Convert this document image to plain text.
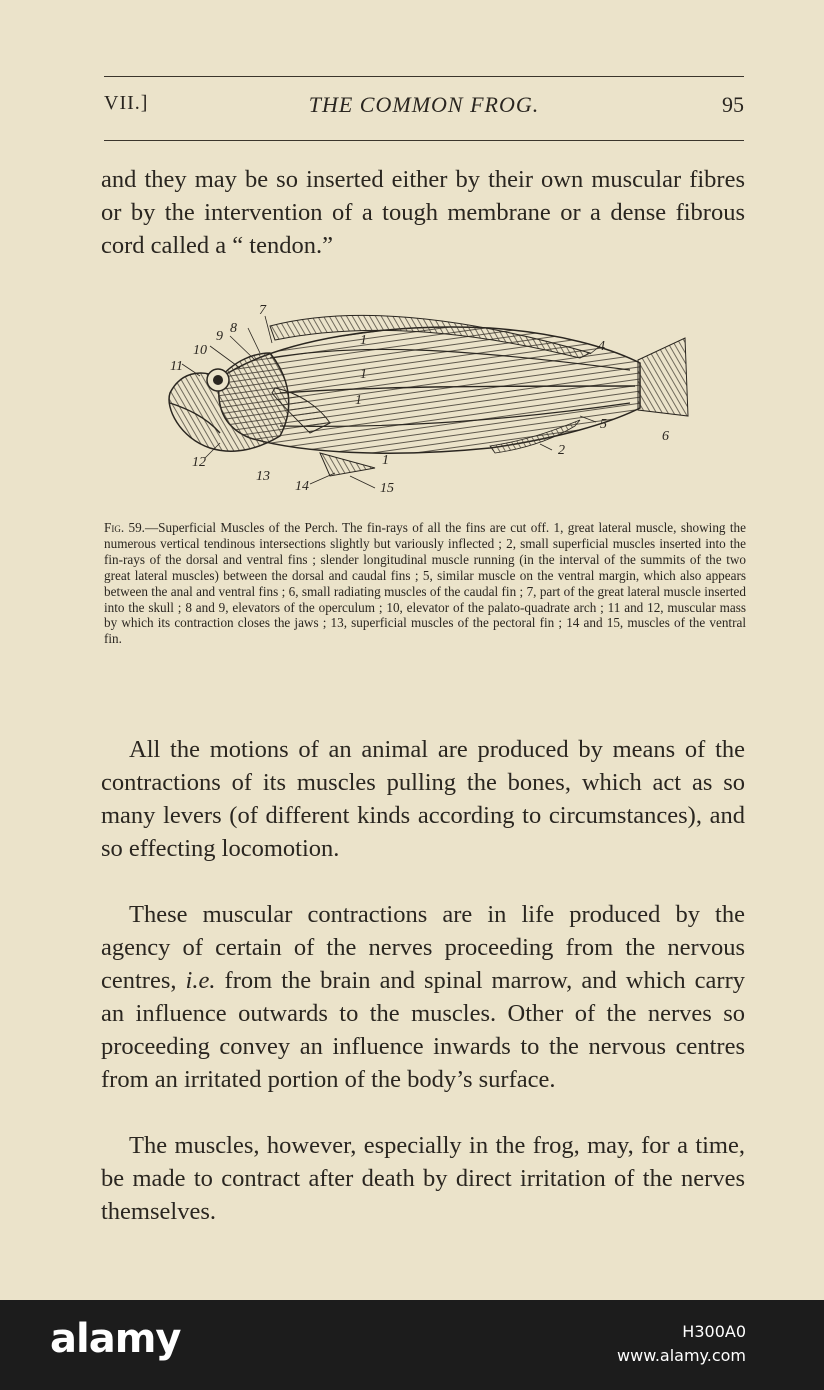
VII.]	THE COMMON FROG.	95

and they may be so inserted either by their own muscular fibres or by the intervention of a tough membrane or a dense fibrous cord called a “ tendon.”

1
1
1
1
2
4
5
6
7
8
9
10
11
12
13
14	15

Fig. 59.—Superficial Muscles of the Perch. The fin-rays of all the fins are cut off. 1, great lateral muscle, showing the numerous vertical tendinous intersections slightly but variously inflected ; 2, small superficial muscles inserted into the fin-rays of the dorsal and ventral fins ; slender longitudinal muscle running (in the interval of the summits of the two great lateral muscles) between the dorsal and caudal fins ; 5, similar muscle on the ventral margin, which also appears between the anal and ventral fins ; 6, small radiating muscles of the caudal fin ; 7, part of the great lateral muscle inserted into the skull ; 8 and 9, elevators of the operculum ; 10, elevator of the palato-quadrate arch ; 11 and 12, muscular mass by which its contraction closes the jaws ; 13, superficial muscles of the pectoral fin ; 14 and 15, muscles of the ventral fin.

All the motions of an animal are produced by means of the contractions of its muscles pulling the bones, which act as so many levers (of different kinds according to circumstances), and so effecting locomotion.

These muscular contractions are in life produced by the agency of certain of the nerves proceeding from the nervous centres, i.e. from the brain and spinal marrow, and which carry an influence outwards to the muscles. Other of the nerves so proceeding convey an influence inwards to the nervous centres from an irritated portion of the body’s surface.

The muscles, however, especially in the frog, may, for a time, be made to contract after death by direct irritation of the nerves themselves.

alamy	H300A0
www.alamy.com
